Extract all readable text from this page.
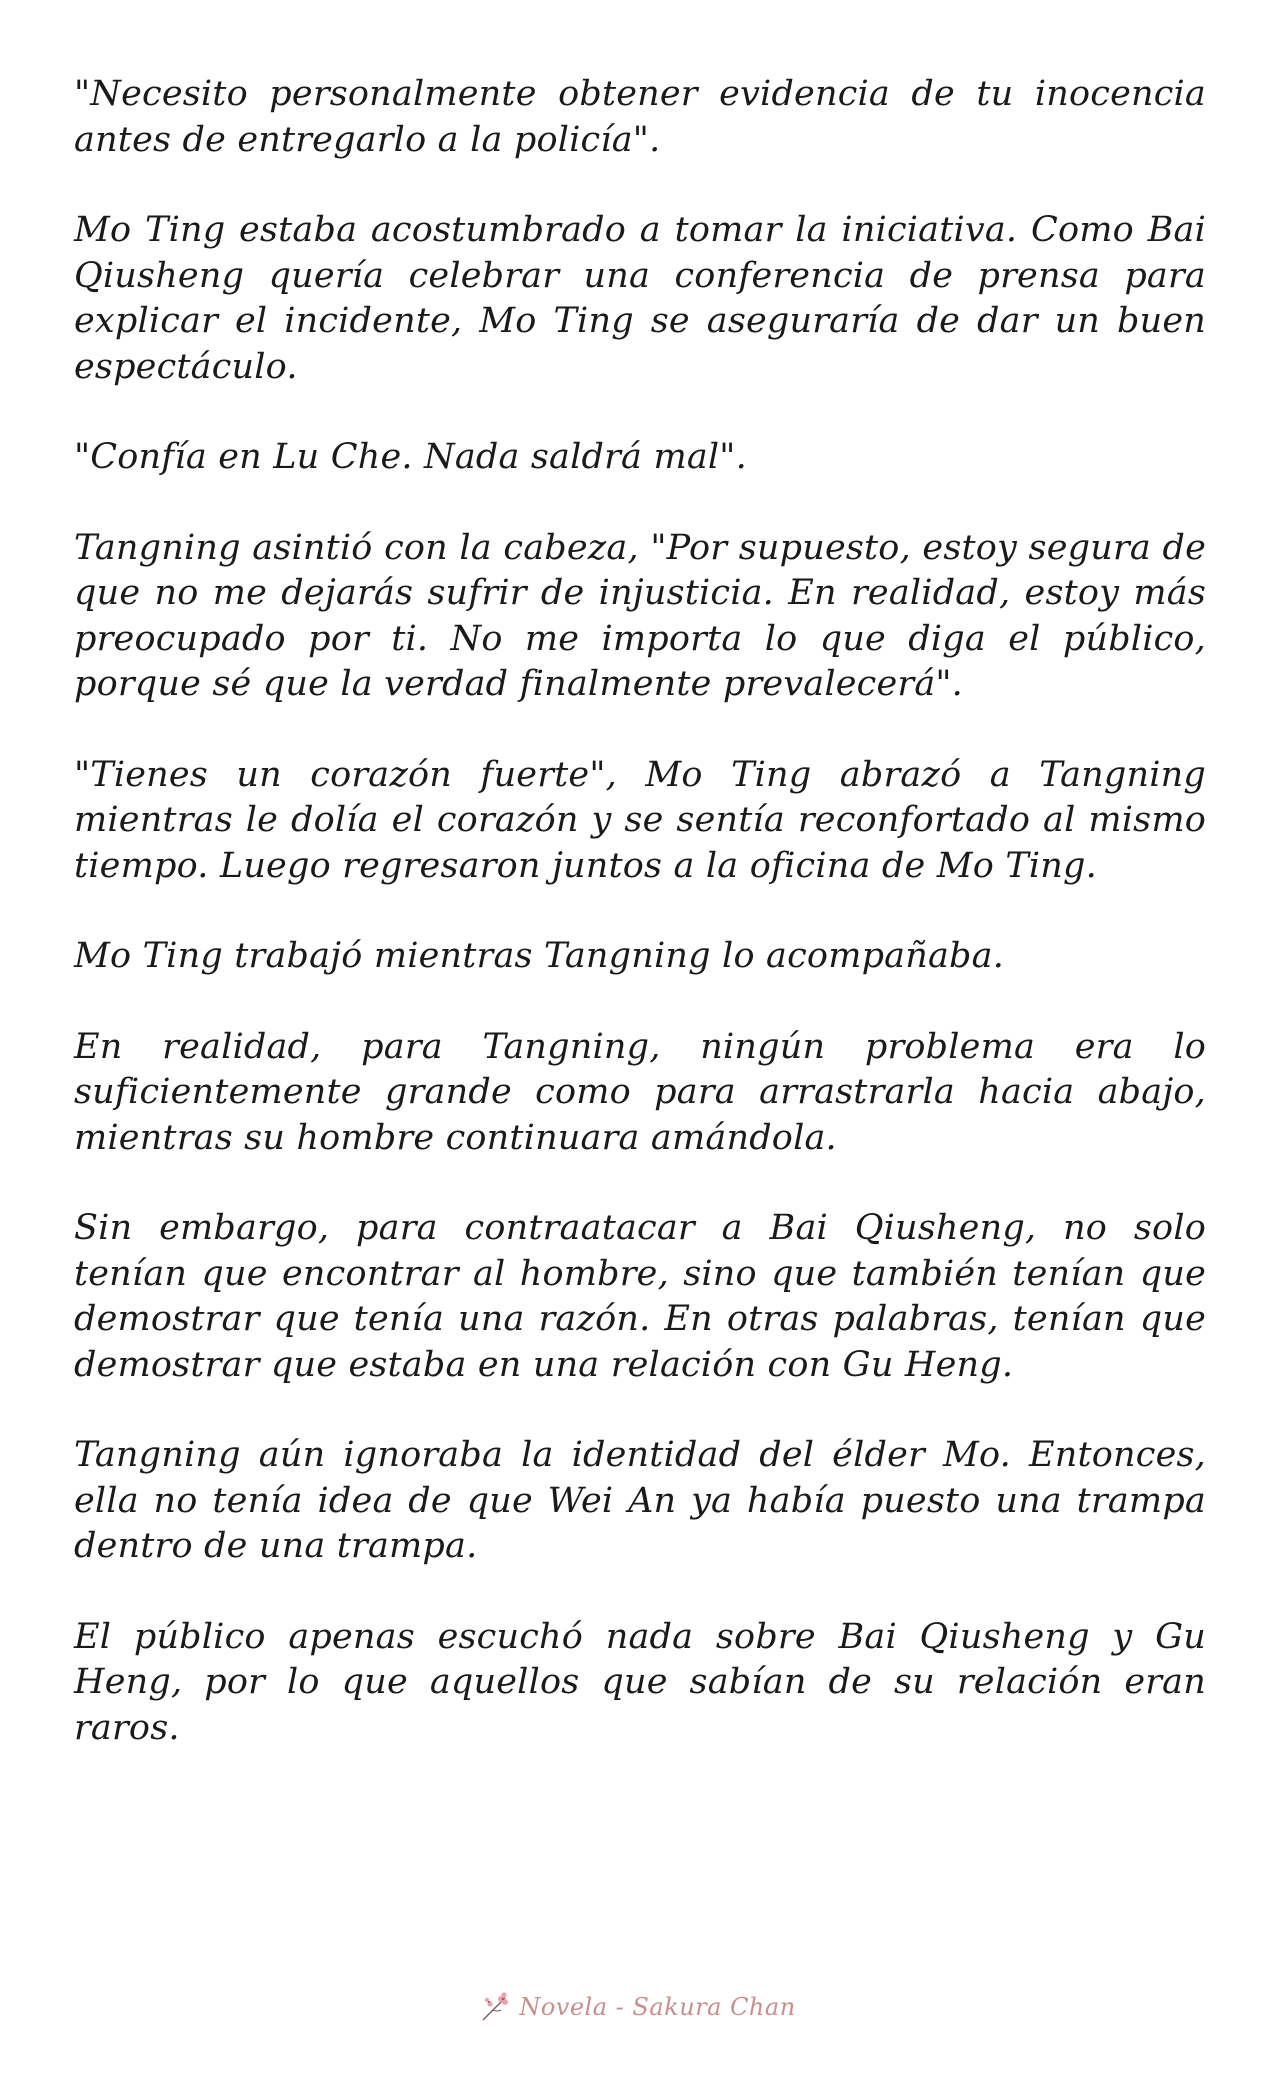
"Necesito personalmente obtener evidencia de tu inocencia antes de entregarlo a la policía".

Mo Ting estaba acostumbrado a tomar la iniciativa. Como Bai Qiusheng quería celebrar una conferencia de prensa para explicar el incidente, Mo Ting se aseguraría de dar un buen espectáculo.

"Confía en Lu Che. Nada saldrá mal".

Tangning asintió con la cabeza, "Por supuesto, estoy segura de que no me dejarás sufrir de injusticia. En realidad, estoy más preocupado por ti. No me importa lo que diga el público, porque sé que la verdad finalmente prevalecerá".

"Tienes un corazón fuerte", Mo Ting abrazó a Tangning mientras le dolía el corazón y se sentía reconfortado al mismo tiempo. Luego regresaron juntos a la oficina de Mo Ting.

Mo Ting trabajó mientras Tangning lo acompañaba.

En realidad, para Tangning, ningún problema era lo suficientemente grande como para arrastrarla hacia abajo, mientras su hombre continuara amándola.

Sin embargo, para contraatacar a Bai Qiusheng, no solo tenían que encontrar al hombre, sino que también tenían que demostrar que tenía una razón. En otras palabras, tenían que demostrar que estaba en una relación con Gu Heng.

Tangning aún ignoraba la identidad del élder Mo. Entonces, ella no tenía idea de que Wei An ya había puesto una trampa dentro de una trampa.

El público apenas escuchó nada sobre Bai Qiusheng y Gu Heng, por lo que aquellos que sabían de su relación eran raros.

Novela - Sakura Chan
